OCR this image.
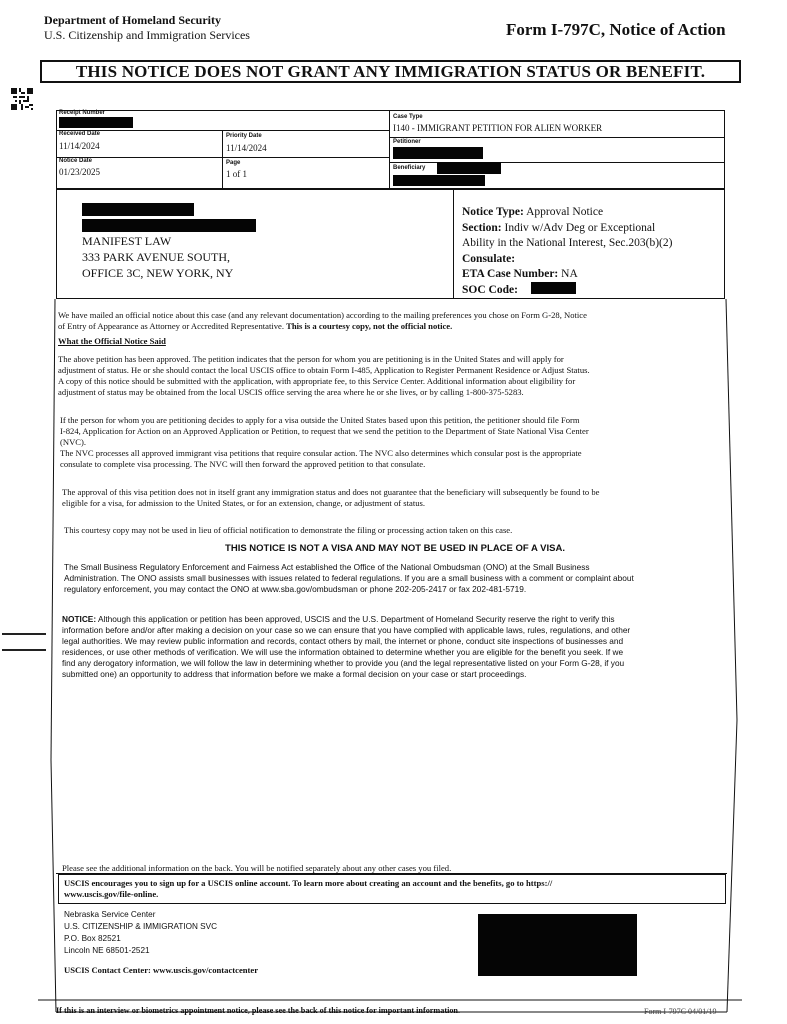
Department of Homeland Security
U.S. Citizenship and Immigration Services	Form I-797C, Notice of Action
THIS NOTICE DOES NOT GRANT ANY IMMIGRATION STATUS OR BENEFIT.
Receipt Number
Case Type
I140 - IMMIGRANT PETITION FOR ALIEN WORKER
Received Date
11/14/2024
Priority Date
11/14/2024
Petitioner
Notice Date
01/23/2025
Page
1 of 1
Beneficiary
MANIFEST LAW
333 PARK AVENUE SOUTH,
OFFICE 3C, NEW YORK, NY
Notice Type: Approval Notice
Section: Indiv w/Adv Deg or Exceptional
Ability in the National Interest, Sec.203(b)(2)
Consulate:
ETA Case Number: NA
SOC Code:
We have mailed an official notice about this case (and any relevant documentation) according to the mailing preferences you chose on Form G-28, Notice
of Entry of Appearance as Attorney or Accredited Representative. This is a courtesy copy, not the official notice.
What the Official Notice Said
The above petition has been approved. The petition indicates that the person for whom you are petitioning is in the United States and will apply for
adjustment of status. He or she should contact the local USCIS office to obtain Form I-485, Application to Register Permanent Residence or Adjust Status.
A copy of this notice should be submitted with the application, with appropriate fee, to this Service Center. Additional information about eligibility for
adjustment of status may be obtained from the local USCIS office serving the area where he or she lives, or by calling 1-800-375-5283.
If the person for whom you are petitioning decides to apply for a visa outside the United States based upon this petition, the petitioner should file Form
I-824, Application for Action on an Approved Application or Petition, to request that we send the petition to the Department of State National Visa Center
(NVC).
The NVC processes all approved immigrant visa petitions that require consular action. The NVC also determines which consular post is the appropriate
consulate to complete visa processing. The NVC will then forward the approved petition to that consulate.
The approval of this visa petition does not in itself grant any immigration status and does not guarantee that the beneficiary will subsequently be found to be
eligible for a visa, for admission to the United States, or for an extension, change, or adjustment of status.
This courtesy copy may not be used in lieu of official notification to demonstrate the filing or processing action taken on this case.
THIS NOTICE IS NOT A VISA AND MAY NOT BE USED IN PLACE OF A VISA.
The Small Business Regulatory Enforcement and Fairness Act established the Office of the National Ombudsman (ONO) at the Small Business
Administration. The ONO assists small businesses with issues related to federal regulations. If you are a small business with a comment or complaint about
regulatory enforcement, you may contact the ONO at www.sba.gov/ombudsman or phone 202-205-2417 or fax 202-481-5719.
NOTICE: Although this application or petition has been approved, USCIS and the U.S. Department of Homeland Security reserve the right to verify this
information before and/or after making a decision on your case so we can ensure that you have complied with applicable laws, rules, regulations, and other
legal authorities. We may review public information and records, contact others by mail, the internet or phone, conduct site inspections of businesses and
residences, or use other methods of verification. We will use the information obtained to determine whether you are eligible for the benefit you seek. If we
find any derogatory information, we will follow the law in determining whether to provide you (and the legal representative listed on your Form G-28, if you
submitted one) an opportunity to address that information before we make a formal decision on your case or start proceedings.
Please see the additional information on the back. You will be notified separately about any other cases you filed.
USCIS encourages you to sign up for a USCIS online account. To learn more about creating an account and the benefits, go to https://
www.uscis.gov/file-online.
Nebraska Service Center
U.S. CITIZENSHIP & IMMIGRATION SVC
P.O. Box 82521
Lincoln NE 68501-2521
USCIS Contact Center: www.uscis.gov/contactcenter
If this is an interview or biometrics appointment notice, please see the back of this notice for important information.	Form I-797C 04/01/19
